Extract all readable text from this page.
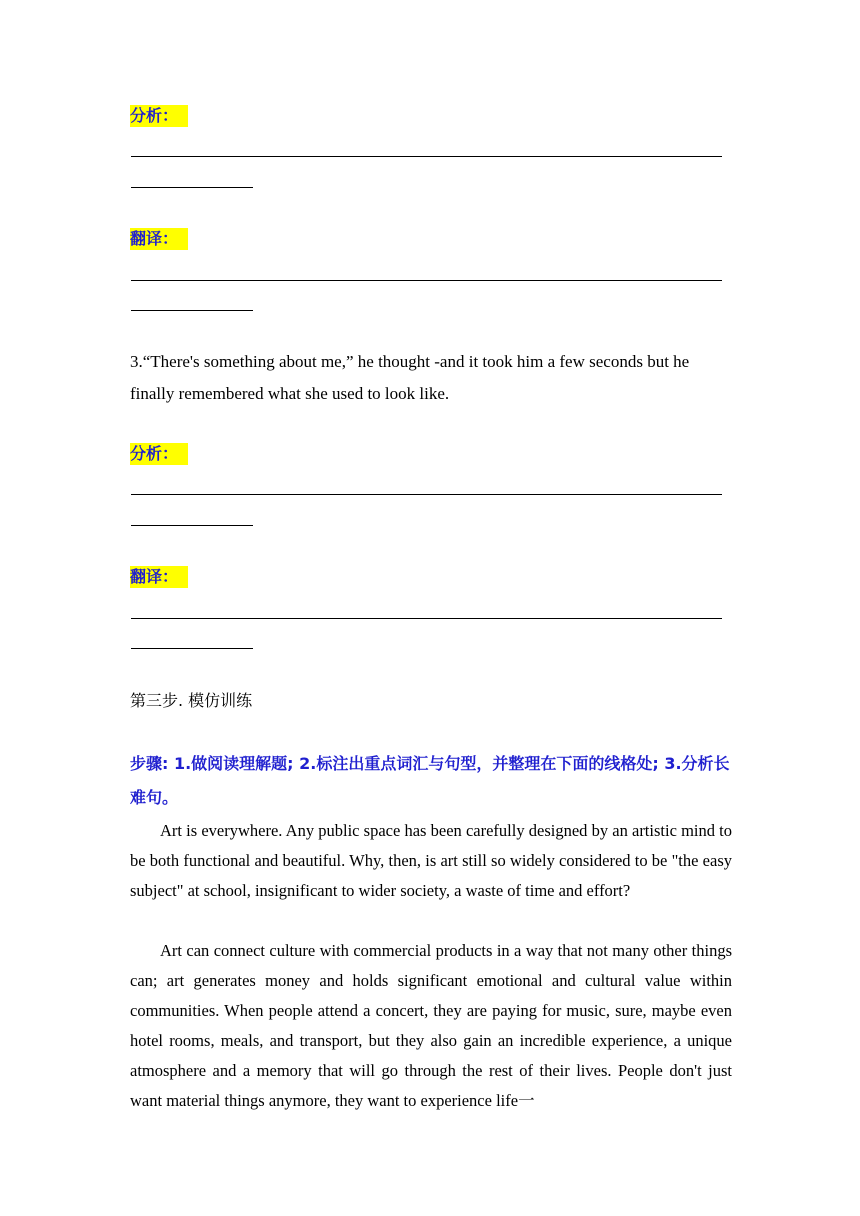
分析：
翻译：
3.“There's something about me,” he thought -and it took him a few seconds but he finally remembered what she used to look like.
分析：
翻译：
第三步. 模仿训练
步骤: 1.做阅读理解题; 2.标注出重点词汇与句型，并整理在下面的线格处; 3.分析长难句。
Art is everywhere. Any public space has been carefully designed by an artistic mind to be both functional and beautiful. Why, then, is art still so widely considered to be "the easy subject" at school, insignificant to wider society, a waste of time and effort?
Art can connect culture with commercial products in a way that not many other things can; art generates money and holds significant emotional and cultural value within communities. When people attend a concert, they are paying for music, sure, maybe even hotel rooms, meals, and transport, but they also gain an incredible experience, a unique atmosphere and a memory that will go through the rest of their lives. People don't just want material things anymore, they want to experience life一
